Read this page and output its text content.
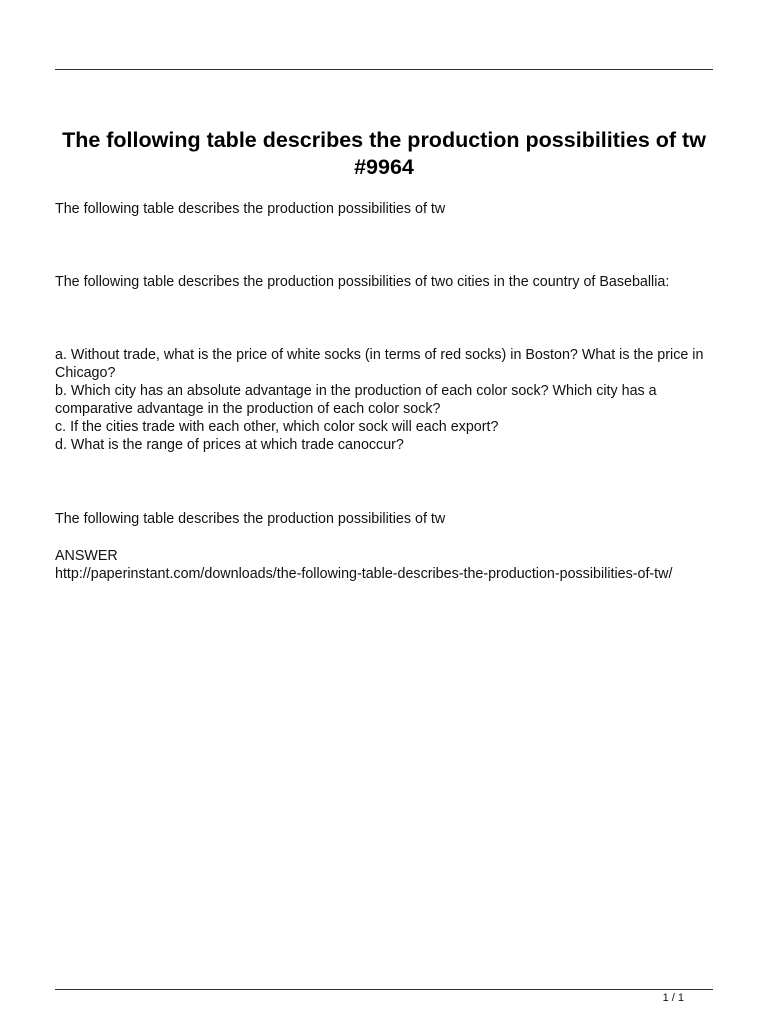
The following table describes the production possibilities of tw #9964

The following table describes the production possibilities of tw

The following table describes the production possibilities of two cities in the country of Baseballia:

a. Without trade, what is the price of white socks (in terms of red socks) in Boston? What is the price in Chicago?
b. Which city has an absolute advantage in the production of each color sock? Which city has a comparative advantage in the production of each color sock?
c. If the cities trade with each other, which color sock will each export?
d. What is the range of prices at which trade canoccur?

The following table describes the production possibilities of tw

ANSWER
http://paperinstant.com/downloads/the-following-table-describes-the-production-possibilities-of-tw/
1 / 1
